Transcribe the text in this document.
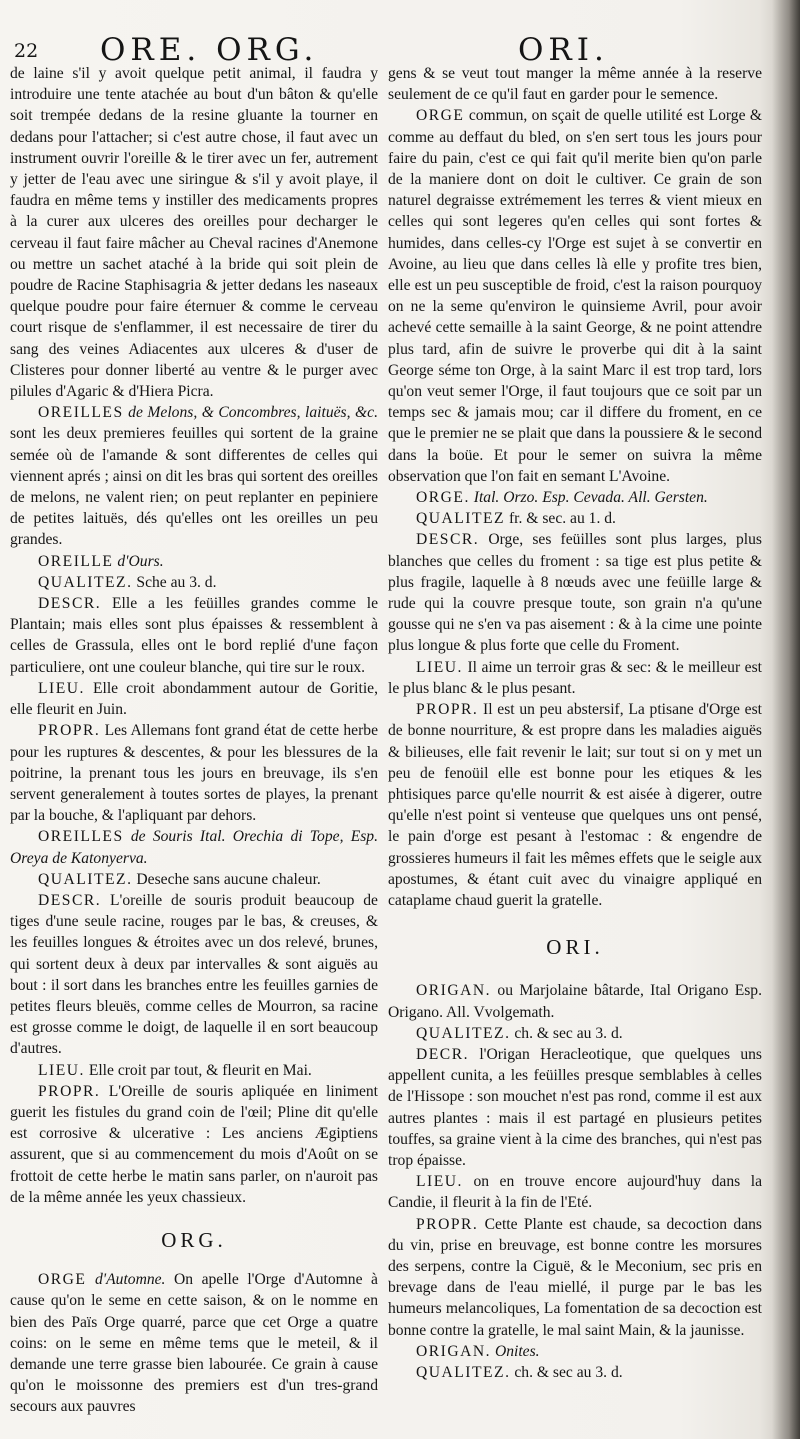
22 ORE. ORG.	ORI.

de laine s'il y avoit quelque petit animal, il faudra y introduire une tente atachée au bout d'un bâton & qu'elle soit trempée dedans de la resine gluante la tourner en dedans pour l'attacher; si c'est autre chose, il faut avec un instrument ouvrir l'oreille & le tirer avec un fer, autrement y jetter de l'eau avec une siringue & s'il y avoit playe, il faudra en même tems y instiller des medicaments propres à la curer aux ulceres des oreilles pour decharger le cerveau il faut faire mâcher au Cheval racines d'Anemone ou mettre un sachet ataché à la bride qui soit plein de poudre de Racine Staphisagria & jetter dedans les naseaux quelque poudre pour faire éternuer & comme le cerveau court risque de s'enflammer, il est necessaire de tirer du sang des veines Adiacentes aux ulceres & d'user de Clisteres pour donner liberté au ventre & le purger avec pilules d'Agaric & d'Hiera Picra.

OREILLES de Melons, & Concombres, laituës, &c. sont les deux premieres feuilles qui sortent de la graine semée où de l'amande & sont differentes de celles qui viennent aprés ; ainsi on dit les bras qui sortent des oreilles de melons, ne valent rien; on peut replanter en pepiniere de petites laituës, dés qu'elles ont les oreilles un peu grandes.

OREILLE d'Ours.

QUALITEZ. Sche au 3. d.

DESCR. Elle a les feüilles grandes comme le Plantain; mais elles sont plus épaisses & ressemblent à celles de Grassula, elles ont le bord replié d'une façon particuliere, ont une couleur blanche, qui tire sur le roux.

LIEU. Elle croit abondamment autour de Goritie, elle fleurit en Juin.

PROPR. Les Allemans font grand état de cette herbe pour les ruptures & descentes, & pour les blessures de la poitrine, la prenant tous les jours en breuvage, ils s'en servent generalement à toutes sortes de playes, la prenant par la bouche, & l'apliquant par dehors.

OREILLES de Souris Ital. Orechia di Tope, Esp. Oreya de Katonyerva.

QUALITEZ. Deseche sans aucune chaleur.

DESCR. L'oreille de souris produit beaucoup de tiges d'une seule racine, rouges par le bas, & creuses, & les feuilles longues & étroites avec un dos relevé, brunes, qui sortent deux à deux par intervalles & sont aiguës au bout : il sort dans les branches entre les feuilles garnies de petites fleurs bleuës, comme celles de Mourron, sa racine est grosse comme le doigt, de laquelle il en sort beaucoup d'autres.

LIEU. Elle croit par tout, & fleurit en Mai.

PROPR. L'Oreille de souris apliquée en liniment guerit les fistules du grand coin de l'œil; Pline dit qu'elle est corrosive & ulcerative : Les anciens Ægiptiens assurent, que si au commencement du mois d'Août on se frottoit de cette herbe le matin sans parler, on n'auroit pas de la même année les yeux chassieux.

ORG.

ORGE d'Automne. On apelle l'Orge d'Automne à cause qu'on le seme en cette saison, & on le nomme en bien des Païs Orge quarré, parce que cet Orge a quatre coins: on le seme en même tems que le meteil, & il demande une terre grasse bien labourée. Ce grain à cause qu'on le moissonne des premiers est d'un tres-grand secours aux pauvres

gens & se veut tout manger la même année à la reserve seulement de ce qu'il faut en garder pour le semence.

ORGE commun, on sçait de quelle utilité est Lorge & comme au deffaut du bled, on s'en sert tous les jours pour faire du pain, c'est ce qui fait qu'il merite bien qu'on parle de la maniere dont on doit le cultiver. Ce grain de son naturel degraisse extrémement les terres & vient mieux en celles qui sont legeres qu'en celles qui sont fortes & humides, dans celles-cy l'Orge est sujet à se convertir en Avoine, au lieu que dans celles là elle y profite tres bien, elle est un peu susceptible de froid, c'est la raison pourquoy on ne la seme qu'environ le quinsieme Avril, pour avoir achevé cette semaille à la saint George, & ne point attendre plus tard, afin de suivre le proverbe qui dit à la saint George séme ton Orge, à la saint Marc il est trop tard, lors qu'on veut semer l'Orge, il faut toujours que ce soit par un temps sec & jamais mou; car il differe du froment, en ce que le premier ne se plait que dans la poussiere & le second dans la boüe. Et pour le semer on suivra la même observation que l'on fait en semant L'Avoine.

ORGE. Ital. Orzo. Esp. Cevada. All. Gersten.

QUALITEZ fr. & sec. au 1. d.

DESCR. Orge, ses feüilles sont plus larges, plus blanches que celles du froment : sa tige est plus petite & plus fragile, laquelle à 8 nœuds avec une feüille large & rude qui la couvre presque toute, son grain n'a qu'une gousse qui ne s'en va pas aisement : & à la cime une pointe plus longue & plus forte que celle du Froment.

LIEU. Il aime un terroir gras & sec: & le meilleur est le plus blanc & le plus pesant.

PROPR. Il est un peu abstersif, La ptisane d'Orge est de bonne nourriture, & est propre dans les maladies aiguës & bilieuses, elle fait revenir le lait; sur tout si on y met un peu de fenoüil elle est bonne pour les etiques & les phtisiques parce qu'elle nourrit & est aisée à digerer, outre qu'elle n'est point si venteuse que quelques uns ont pensé, le pain d'orge est pesant à l'estomac : & engendre de grossieres humeurs il fait les mêmes effets que le seigle aux apostumes, & étant cuit avec du vinaigre appliqué en cataplame chaud guerit la gratelle.

ORI.

ORIGAN. ou Marjolaine bâtarde, Ital Origano Esp. Origano. All. Vvolgemath.

QUALITEZ. ch. & sec au 3. d.

DECR. l'Origan Heracleotique, que quelques uns appellent cunita, a les feüilles presque semblables à celles de l'Hissope : son mouchet n'est pas rond, comme il est aux autres plantes : mais il est partagé en plusieurs petites touffes, sa graine vient à la cime des branches, qui n'est pas trop épaisse.

LIEU. on en trouve encore aujourd'huy dans la Candie, il fleurit à la fin de l'Eté.

PROPR. Cette Plante est chaude, sa decoction dans du vin, prise en breuvage, est bonne contre les morsures des serpens, contre la Ciguë, & le Meconium, sec pris en brevage dans de l'eau miellé, il purge par le bas les humeurs melancoliques, La fomentation de sa decoction est bonne contre la gratelle, le mal saint Main, & la jaunisse.

ORIGAN. Onites.

QUALITEZ. ch. & sec au 3. d.
